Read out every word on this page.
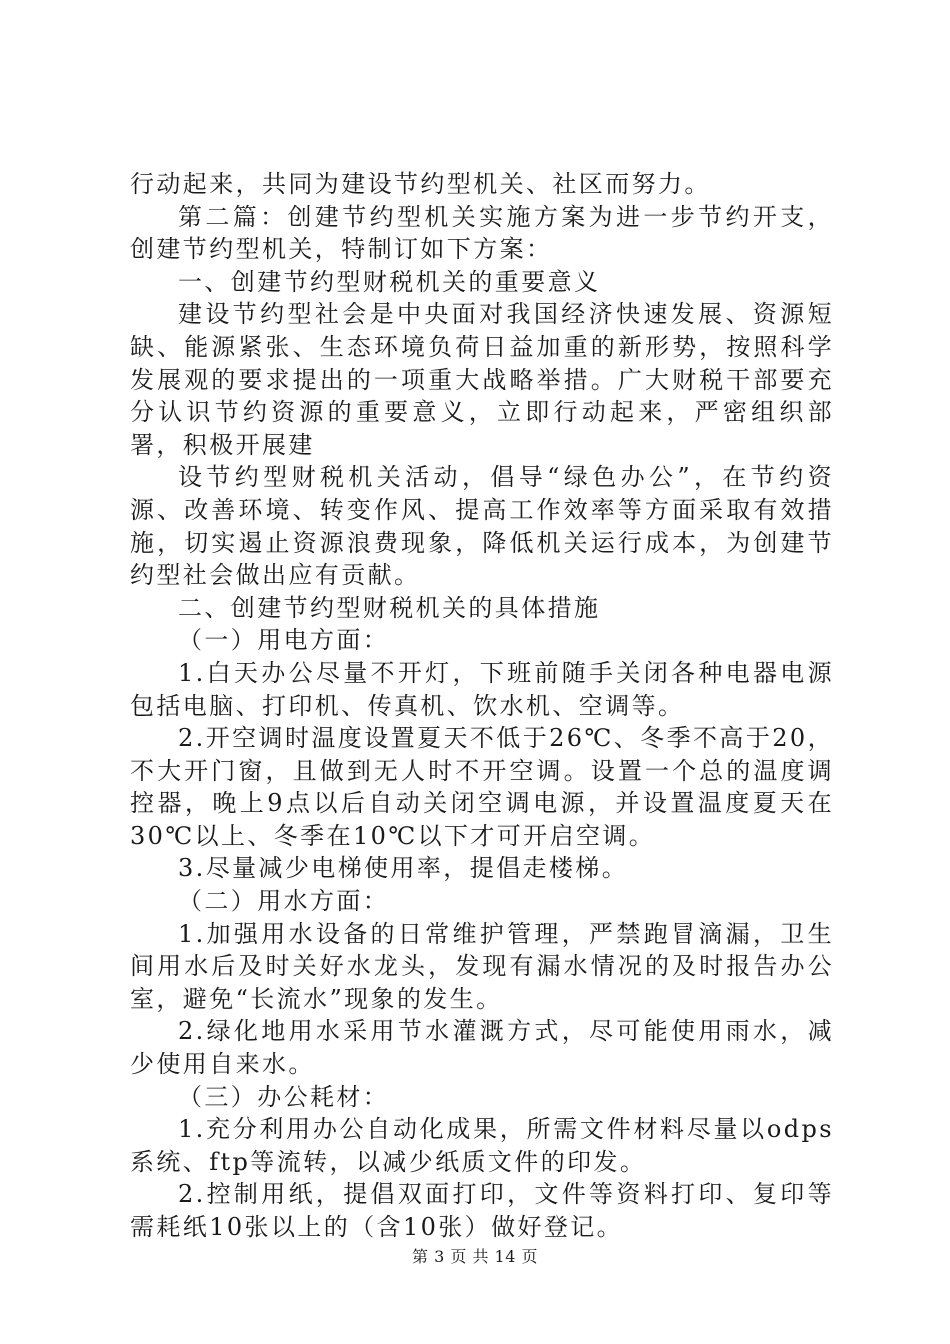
行动起来，共同为建设节约型机关、社区而努力。

第二篇：创建节约型机关实施方案为进一步节约开支，创建节约型机关，特制订如下方案：

一、创建节约型财税机关的重要意义

建设节约型社会是中央面对我国经济快速发展、资源短缺、能源紧张、生态环境负荷日益加重的新形势，按照科学发展观的要求提出的一项重大战略举措。广大财税干部要充分认识节约资源的重要意义，立即行动起来，严密组织部署，积极开展建

设节约型财税机关活动，倡导“绿色办公”，在节约资源、改善环境、转变作风、提高工作效率等方面采取有效措施，切实遏止资源浪费现象，降低机关运行成本，为创建节约型社会做出应有贡献。

二、创建节约型财税机关的具体措施

（一）用电方面：

1.白天办公尽量不开灯，下班前随手关闭各种电器电源包括电脑、打印机、传真机、饮水机、空调等。

2.开空调时温度设置夏天不低于26℃、冬季不高于20，不大开门窗，且做到无人时不开空调。设置一个总的温度调控器，晚上9点以后自动关闭空调电源，并设置温度夏天在30℃以上、冬季在10℃以下才可开启空调。

3.尽量减少电梯使用率，提倡走楼梯。

（二）用水方面：

1.加强用水设备的日常维护管理，严禁跑冒滴漏，卫生间用水后及时关好水龙头，发现有漏水情况的及时报告办公室，避免“长流水”现象的发生。

2.绿化地用水采用节水灌溉方式，尽可能使用雨水，减少使用自来水。

（三）办公耗材：

1.充分利用办公自动化成果，所需文件材料尽量以odps系统、ftp等流转，以减少纸质文件的印发。

2.控制用纸，提倡双面打印，文件等资料打印、复印等需耗纸10张以上的（含10张）做好登记。

第 3 页 共 14 页
